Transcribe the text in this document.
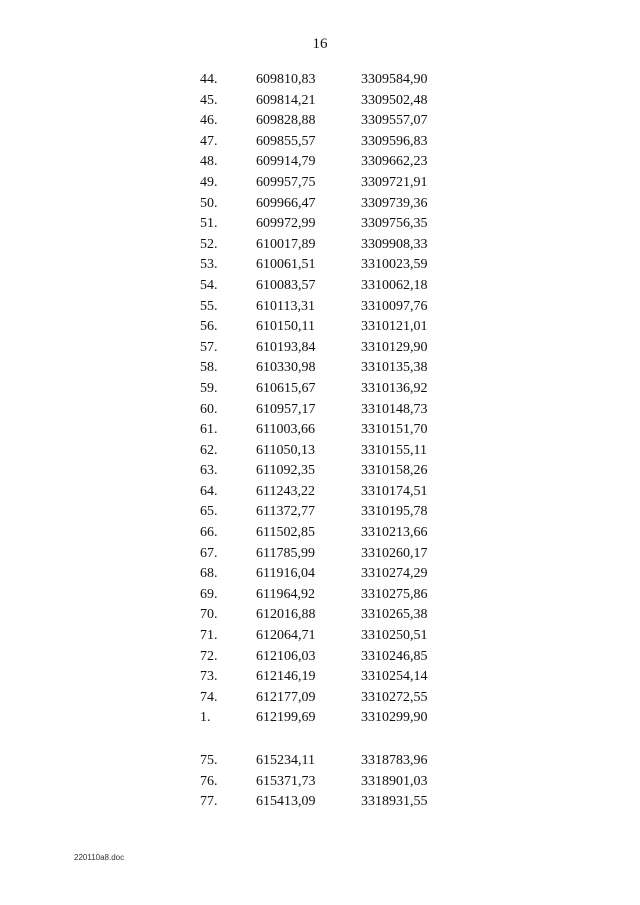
16
44.	609810,83	3309584,90
45.	609814,21	3309502,48
46.	609828,88	3309557,07
47.	609855,57	3309596,83
48.	609914,79	3309662,23
49.	609957,75	3309721,91
50.	609966,47	3309739,36
51.	609972,99	3309756,35
52.	610017,89	3309908,33
53.	610061,51	3310023,59
54.	610083,57	3310062,18
55.	610113,31	3310097,76
56.	610150,11	3310121,01
57.	610193,84	3310129,90
58.	610330,98	3310135,38
59.	610615,67	3310136,92
60.	610957,17	3310148,73
61.	611003,66	3310151,70
62.	611050,13	3310155,11
63.	611092,35	3310158,26
64.	611243,22	3310174,51
65.	611372,77	3310195,78
66.	611502,85	3310213,66
67.	611785,99	3310260,17
68.	611916,04	3310274,29
69.	611964,92	3310275,86
70.	612016,88	3310265,38
71.	612064,71	3310250,51
72.	612106,03	3310246,85
73.	612146,19	3310254,14
74.	612177,09	3310272,55
1.	612199,69	3310299,90
75.	615234,11	3318783,96
76.	615371,73	3318901,03
77.	615413,09	3318931,55
220110a8.doc
